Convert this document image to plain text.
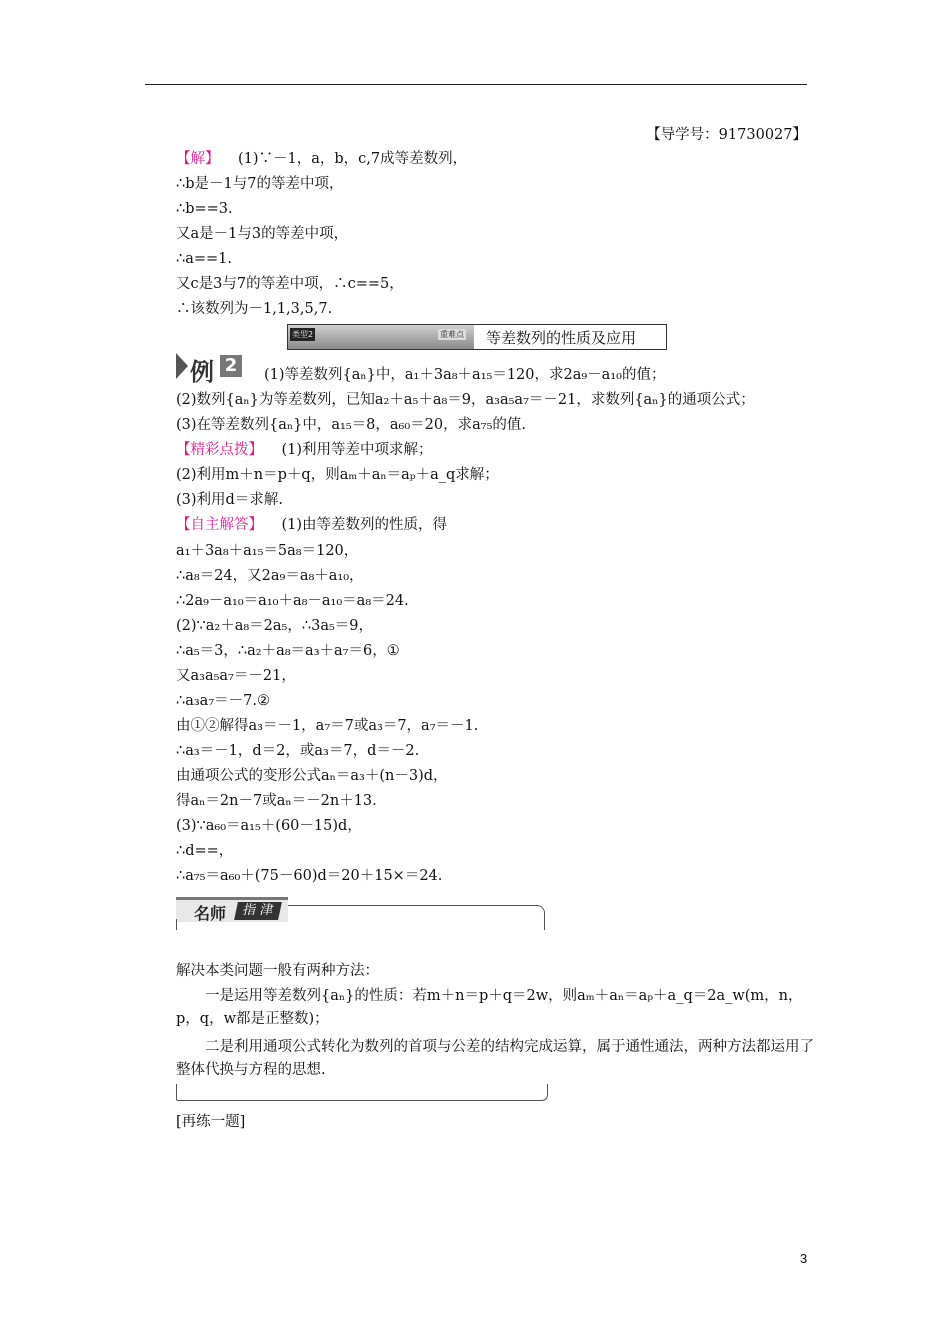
【导学号：91730027】
【解】 (1)∵－1，a，b，c,7成等差数列，
∴b是－1与7的等差中项，
∴b==3.
又a是－1与3的等差中项，
∴a==1.
又c是3与7的等差中项，∴c==5，
∴该数列为－1,1,3,5,7.
类型2	重难点 等差数列的性质及应用
例 2	(1)等差数列{aₙ}中，a₁＋3a₈＋a₁₅＝120，求2a₉－a₁₀的值；
(2)数列{aₙ}为等差数列，已知a₂＋a₅＋a₈＝9，a₃a₅a₇＝－21，求数列{aₙ}的通项公式；
(3)在等差数列{aₙ}中，a₁₅＝8，a₆₀＝20，求a₇₅的值.
【精彩点拨】 (1)利用等差中项求解；
(2)利用m＋n＝p＋q，则aₘ＋aₙ＝aₚ＋a_q求解；
(3)利用d＝求解.
【自主解答】 (1)由等差数列的性质，得
a₁＋3a₈＋a₁₅＝5a₈＝120，
∴a₈＝24，又2a₉＝a₈＋a₁₀，
∴2a₉－a₁₀＝a₁₀＋a₈－a₁₀＝a₈＝24.
(2)∵a₂＋a₈＝2a₅，∴3a₅＝9，
∴a₅＝3，∴a₂＋a₈＝a₃＋a₇＝6，①
又a₃a₅a₇＝－21，
∴a₃a₇＝－7.②
由①②解得a₃＝－1，a₇＝7或a₃＝7，a₇＝－1.
∴a₃＝－1，d＝2，或a₃＝7，d＝－2.
由通项公式的变形公式aₙ＝a₃＋(n－3)d，
得aₙ＝2n－7或aₙ＝－2n＋13.
(3)∵a₆₀＝a₁₅＋(60－15)d，
∴d==，
∴a₇₅＝a₆₀＋(75－60)d＝20＋15×＝24.
名师	指 津
解决本类问题一般有两种方法：
一是运用等差数列{aₙ}的性质：若m＋n＝p＋q＝2w，则aₘ＋aₙ＝aₚ＋a_q＝2a_w(m，n，p，q，w都是正整数)；
二是利用通项公式转化为数列的首项与公差的结构完成运算，属于通性通法，两种方法都运用了整体代换与方程的思想.
[再练一题]
3
